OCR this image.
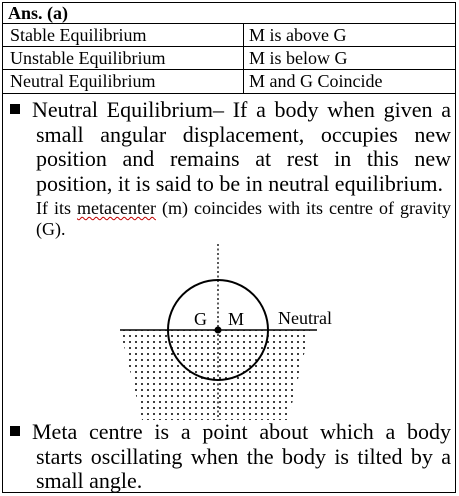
Ans. (a)
Stable Equilibrium	M is above G
Unstable Equilibrium	M is below G
Neutral Equilibrium	M and G Coincide
Neutral Equilibrium– If a body when given a small angular displacement, occupies new position and remains at rest in this new position, it is said to be in neutral equilibrium.
If its metacenter (m) coincides with its centre of gravity (G).
G M Neutral
Meta centre is a point about which a body starts oscillating when the body is tilted by a small angle.
